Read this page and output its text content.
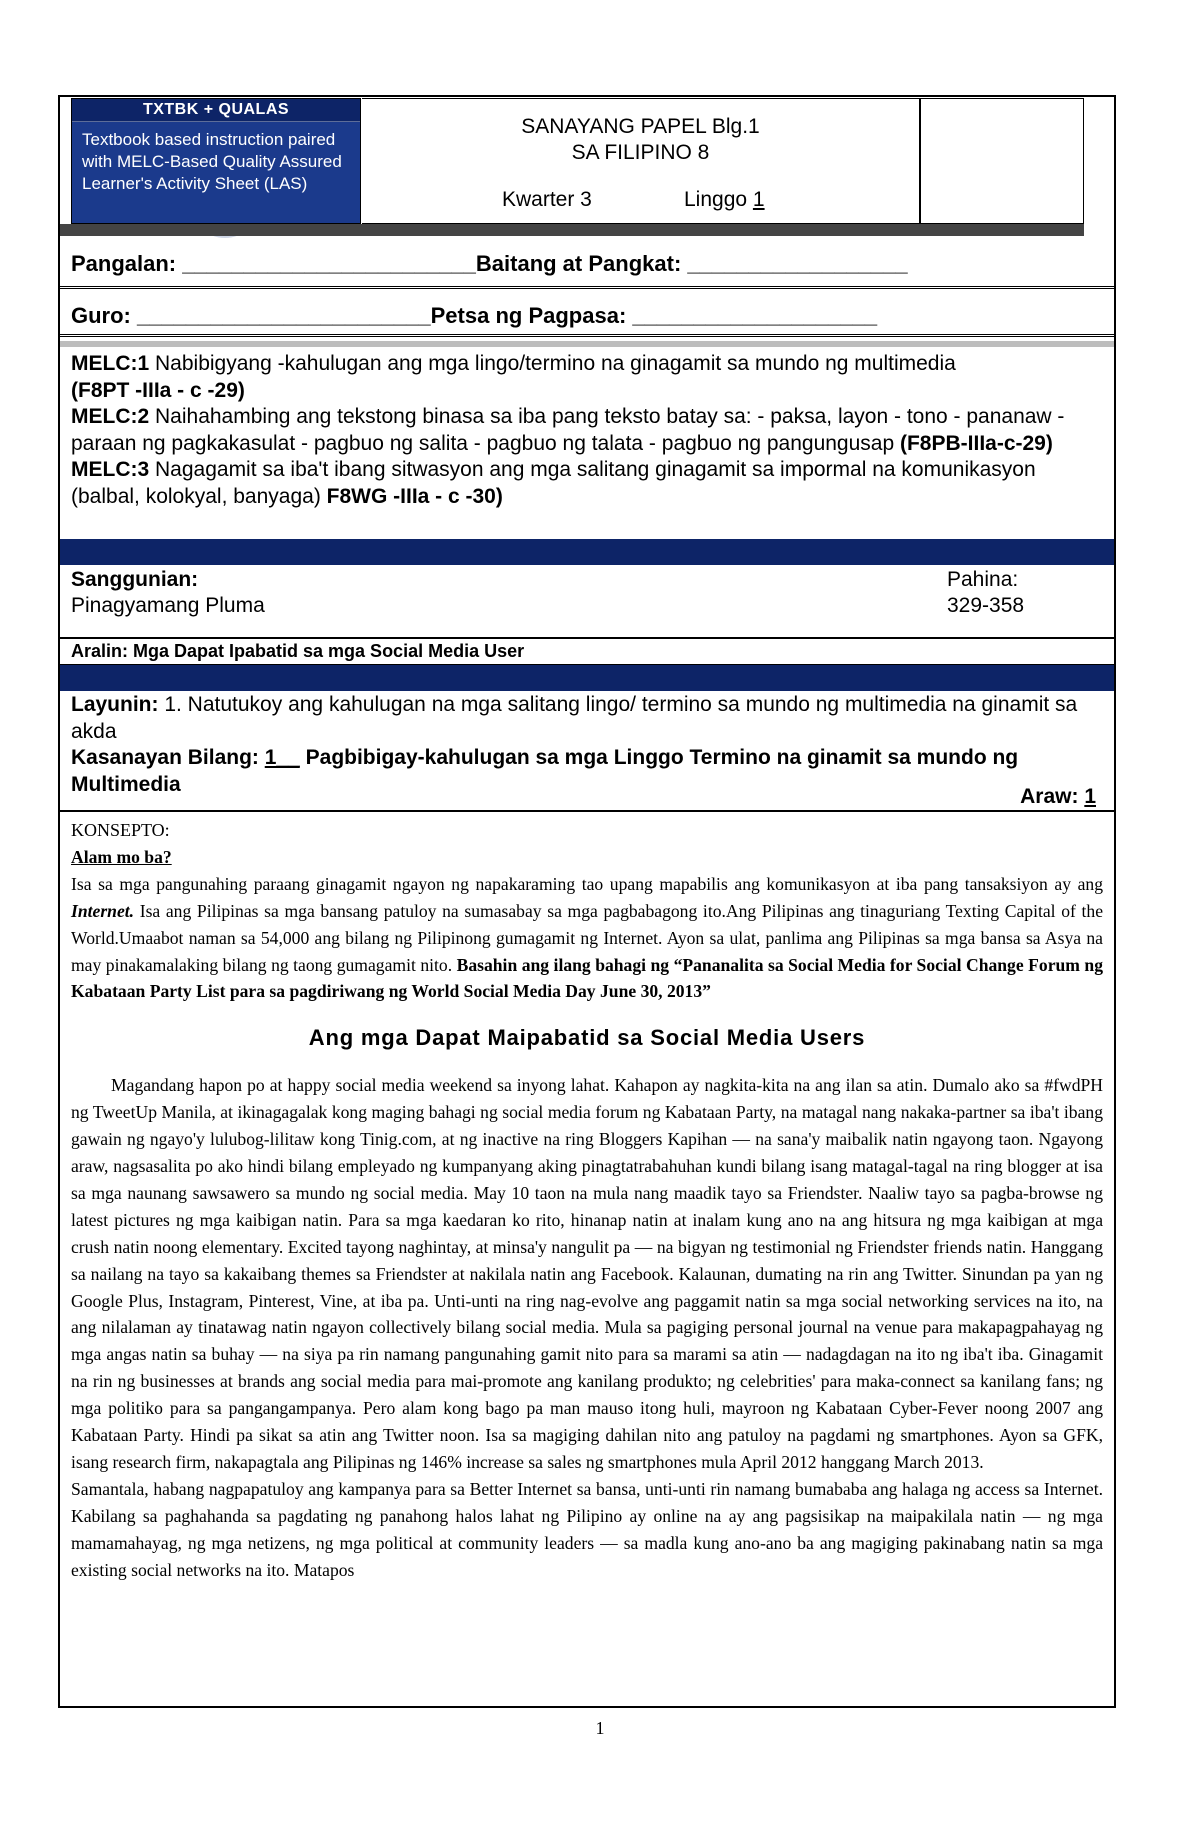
TXTBK + QUALAS
Textbook based instruction paired with MELC-Based Quality Assured Learner's Activity Sheet (LAS)
SANAYANG PAPEL Blg.1
SA FILIPINO 8
Kwarter 3	Linggo 1
Pangalan: ________________________Baitang at Pangkat: __________________
Guro: ________________________Petsa ng Pagpasa: ____________________
MELC:1 Nabibigyang -kahulugan ang mga lingo/termino na ginagamit sa mundo ng multimedia
(F8PT -IIIa - c -29)
MELC:2 Naihahambing ang tekstong binasa sa iba pang teksto batay sa: - paksa, layon - tono - pananaw - paraan ng pagkakasulat - pagbuo ng salita - pagbuo ng talata - pagbuo ng pangungusap (F8PB-IIIa-c-29)
MELC:3 Nagagamit sa iba't ibang sitwasyon ang mga salitang ginagamit sa impormal na komunikasyon (balbal, kolokyal, banyaga) F8WG -IIIa - c -30)
Sanggunian:
Pinagyamang Pluma
Pahina:
329-358
Aralin: Mga Dapat Ipabatid sa mga Social Media User
Layunin: 1. Natutukoy ang kahulugan na mga salitang lingo/ termino sa mundo ng multimedia na ginamit sa akda
Kasanayan Bilang: 1__ Pagbibigay-kahulugan sa mga Linggo Termino na ginamit sa mundo ng Multimedia
Araw: 1

KONSEPTO:

Alam mo ba?

Isa sa mga pangunahing paraang ginagamit ngayon ng napakaraming tao upang mapabilis ang komunikasyon at iba pang tansaksiyon ay ang Internet. Isa ang Pilipinas sa mga bansang patuloy na sumasabay sa mga pagbabagong ito.Ang Pilipinas ang tinaguriang Texting Capital of the World.Umaabot naman sa 54,000 ang bilang ng Pilipinong gumagamit ng Internet. Ayon sa ulat, panlima ang Pilipinas sa mga bansa sa Asya na may pinakamalaking bilang ng taong gumagamit nito. Basahin ang ilang bahagi ng “Pananalita sa Social Media for Social Change Forum ng Kabataan Party List para sa pagdiriwang ng World Social Media Day June 30, 2013”

Ang mga Dapat Maipabatid sa Social Media Users

Magandang hapon po at happy social media weekend sa inyong lahat. Kahapon ay nagkita-kita na ang ilan sa atin. Dumalo ako sa #fwdPH ng TweetUp Manila, at ikinagagalak kong maging bahagi ng social media forum ng Kabataan Party, na matagal nang nakaka-partner sa iba't ibang gawain ng ngayo'y lulubog-lilitaw kong Tinig.com, at ng inactive na ring Bloggers Kapihan — na sana'y maibalik natin ngayong taon. Ngayong araw, nagsasalita po ako hindi bilang empleyado ng kumpanyang aking pinagtatrabahuhan kundi bilang isang matagal-tagal na ring blogger at isa sa mga naunang sawsawero sa mundo ng social media. May 10 taon na mula nang maadik tayo sa Friendster. Naaliw tayo sa pagba-browse ng latest pictures ng mga kaibigan natin. Para sa mga kaedaran ko rito, hinanap natin at inalam kung ano na ang hitsura ng mga kaibigan at mga crush natin noong elementary. Excited tayong naghintay, at minsa'y nangulit pa — na bigyan ng testimonial ng Friendster friends natin. Hanggang sa nailang na tayo sa kakaibang themes sa Friendster at nakilala natin ang Facebook. Kalaunan, dumating na rin ang Twitter. Sinundan pa yan ng Google Plus, Instagram, Pinterest, Vine, at iba pa. Unti-unti na ring nag-evolve ang paggamit natin sa mga social networking services na ito, na ang nilalaman ay tinatawag natin ngayon collectively bilang social media. Mula sa pagiging personal journal na venue para makapagpahayag ng mga angas natin sa buhay — na siya pa rin namang pangunahing gamit nito para sa marami sa atin — nadagdagan na ito ng iba't iba. Ginagamit na rin ng businesses at brands ang social media para mai-promote ang kanilang produkto; ng celebrities' para maka-connect sa kanilang fans; ng mga politiko para sa pangangampanya. Pero alam kong bago pa man mauso itong huli, mayroon ng Kabataan Cyber-Fever noong 2007 ang Kabataan Party. Hindi pa sikat sa atin ang Twitter noon. Isa sa magiging dahilan nito ang patuloy na pagdami ng smartphones. Ayon sa GFK, isang research firm, nakapagtala ang Pilipinas ng 146% increase sa sales ng smartphones mula April 2012 hanggang March 2013.

Samantala, habang nagpapatuloy ang kampanya para sa Better Internet sa bansa, unti-unti rin namang bumababa ang halaga ng access sa Internet. Kabilang sa paghahanda sa pagdating ng panahong halos lahat ng Pilipino ay online na ay ang pagsisikap na maipakilala natin — ng mga mamamahayag, ng mga netizens, ng mga political at community leaders — sa madla kung ano-ano ba ang magiging pakinabang natin sa mga existing social networks na ito. Matapos

1
